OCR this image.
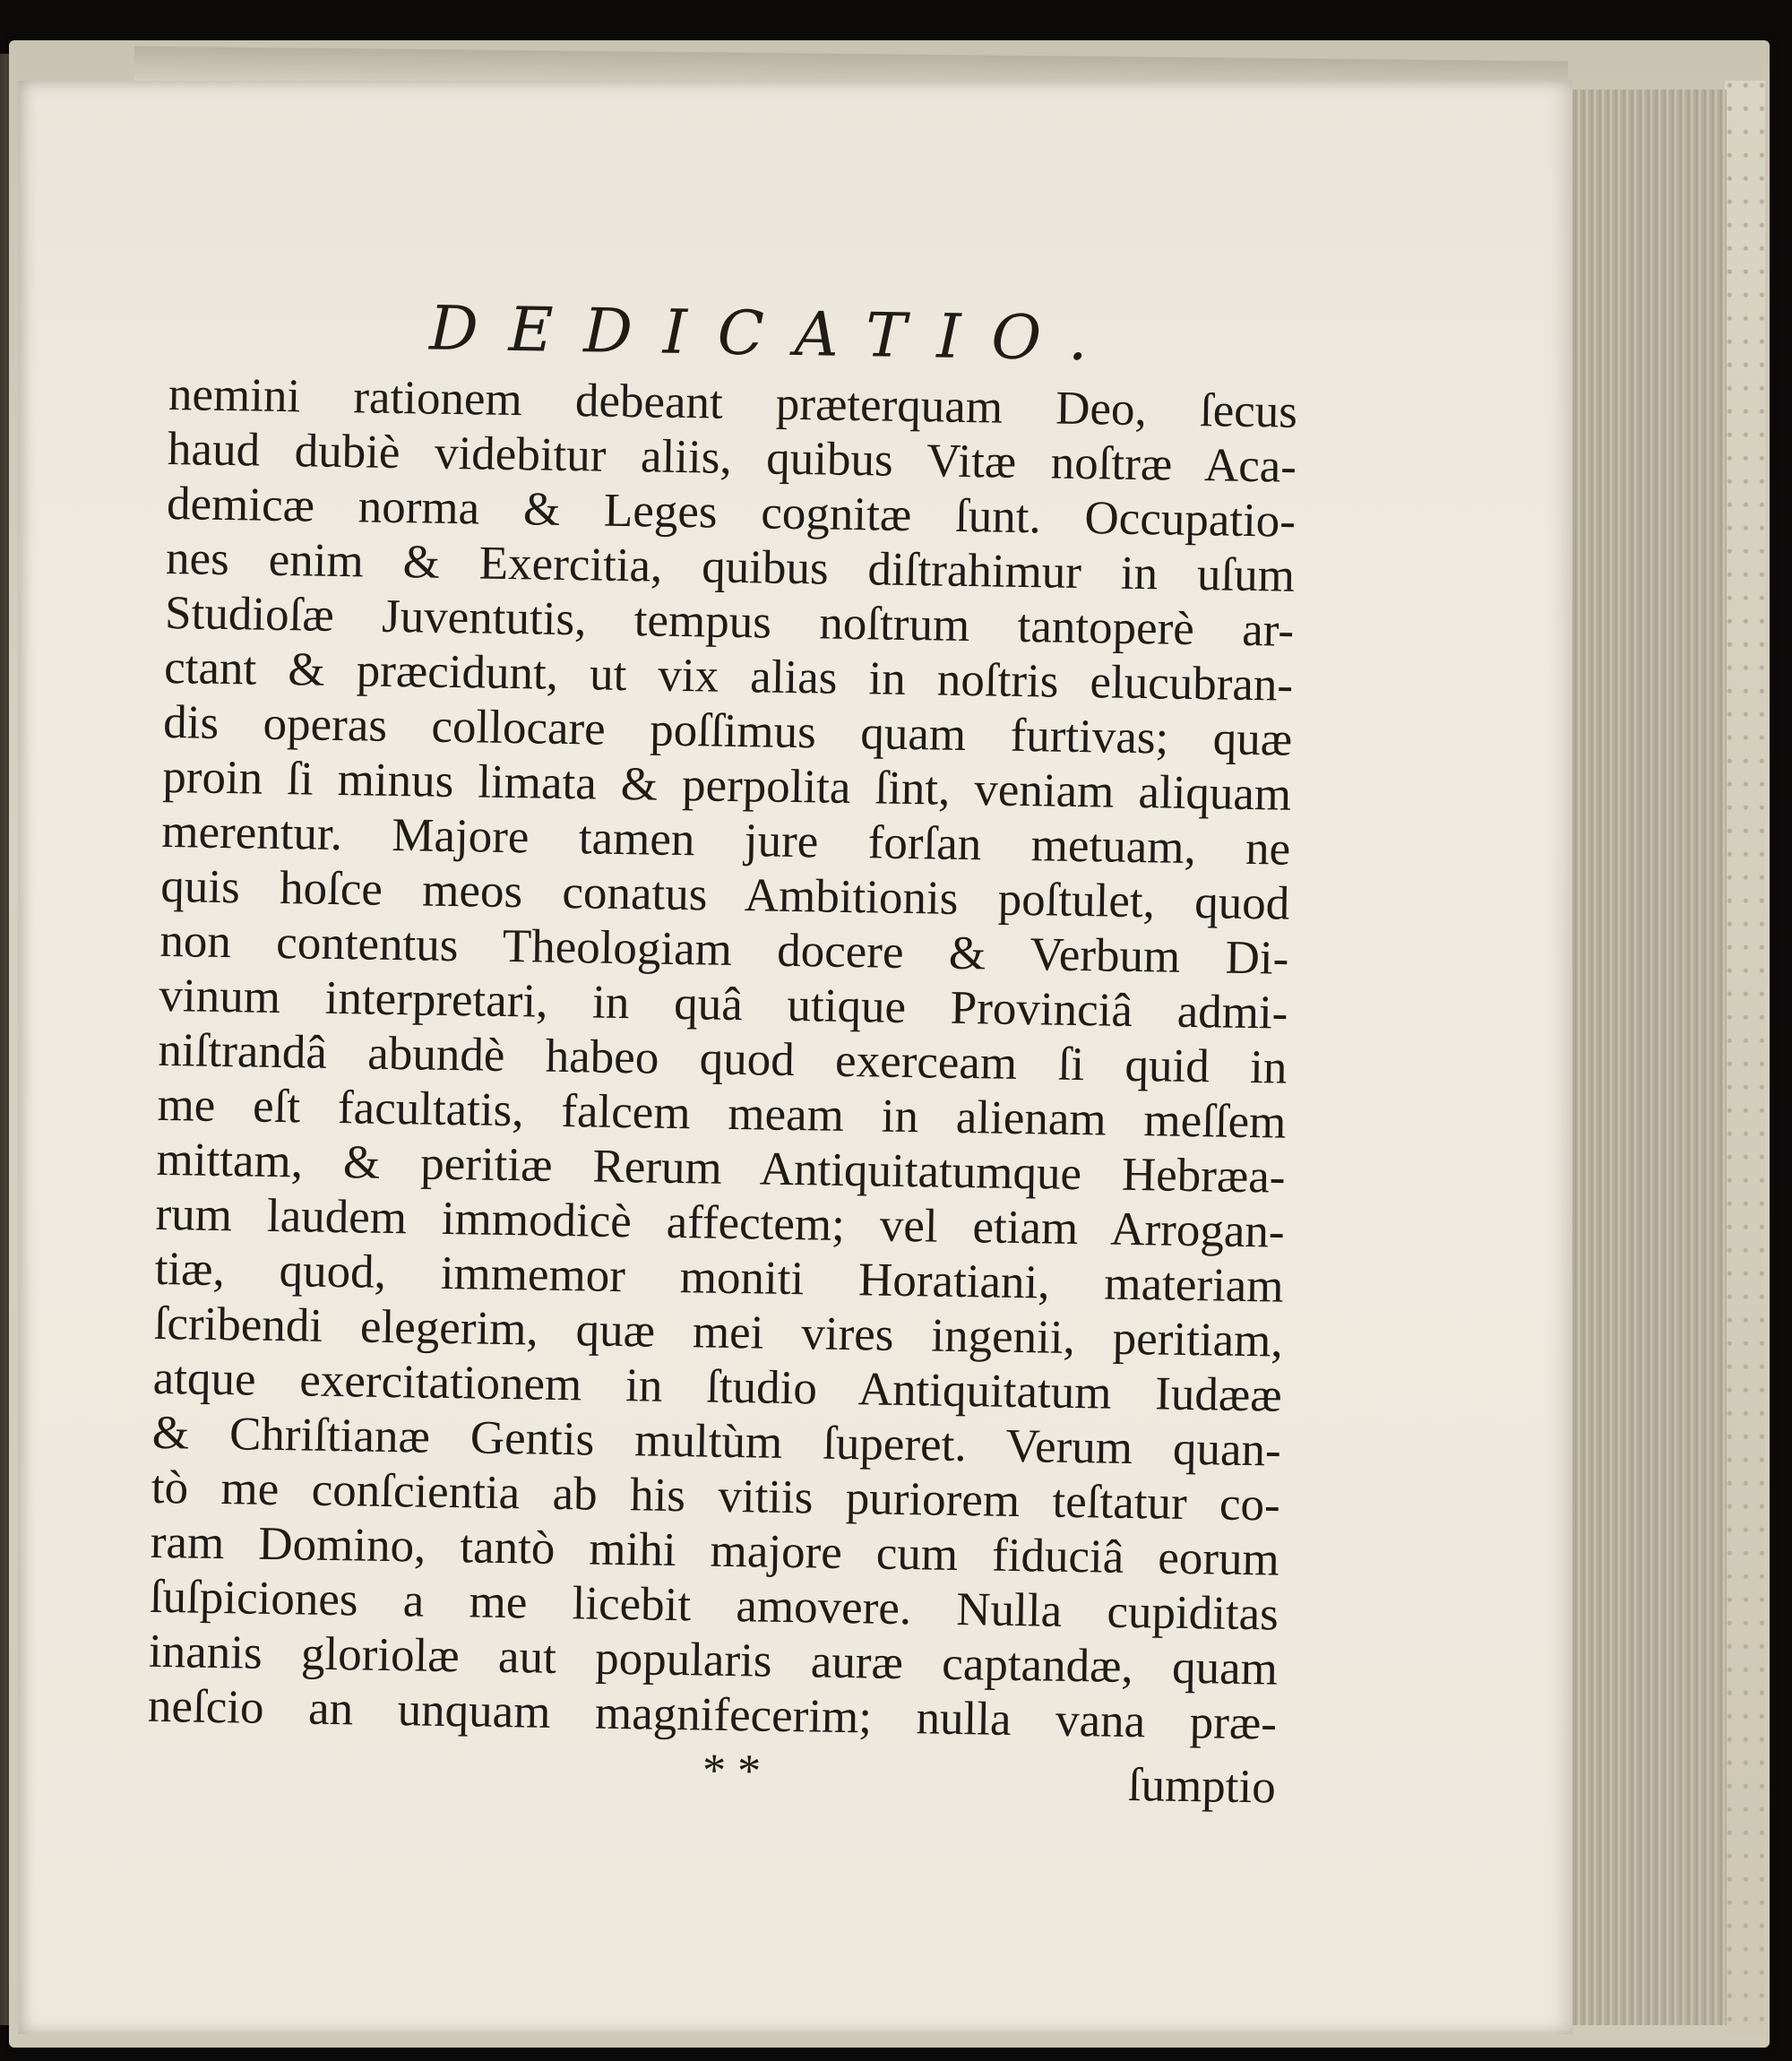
DEDICATIO.
nemini rationem debeant præterquam Deo, ſecus
haud dubiè videbitur aliis, quibus Vitæ noſtræ Aca-
demicæ norma & Leges cognitæ ſunt. Occupatio-
nes enim & Exercitia, quibus diſtrahimur in uſum
Studioſæ Juventutis, tempus noſtrum tantoperè ar-
ctant & præcidunt, ut vix alias in noſtris elucubran-
dis operas collocare poſſimus quam furtivas; quæ
proin ſi minus limata & perpolita ſint, veniam aliquam
merentur. Majore tamen jure forſan metuam, ne
quis hoſce meos conatus Ambitionis poſtulet, quod
non contentus Theologiam docere & Verbum Di-
vinum interpretari, in quâ utique Provinciâ admi-
niſtrandâ abundè habeo quod exerceam ſi quid in
me eſt facultatis, falcem meam in alienam meſſem
mittam, & peritiæ Rerum Antiquitatumque Hebræa-
rum laudem immodicè affectem; vel etiam Arrogan-
tiæ, quod, immemor moniti Horatiani, materiam
ſcribendi elegerim, quæ mei vires ingenii, peritiam,
atque exercitationem in ſtudio Antiquitatum Iudææ
& Chriſtianæ Gentis multùm ſuperet. Verum quan-
tò me conſcientia ab his vitiis puriorem teſtatur co-
ram Domino, tantò mihi majore cum fiduciâ eorum
ſuſpiciones a me licebit amovere. Nulla cupiditas
inanis gloriolæ aut popularis auræ captandæ, quam
neſcio an unquam magnifecerim; nulla vana præ-
* *	ſumptio
